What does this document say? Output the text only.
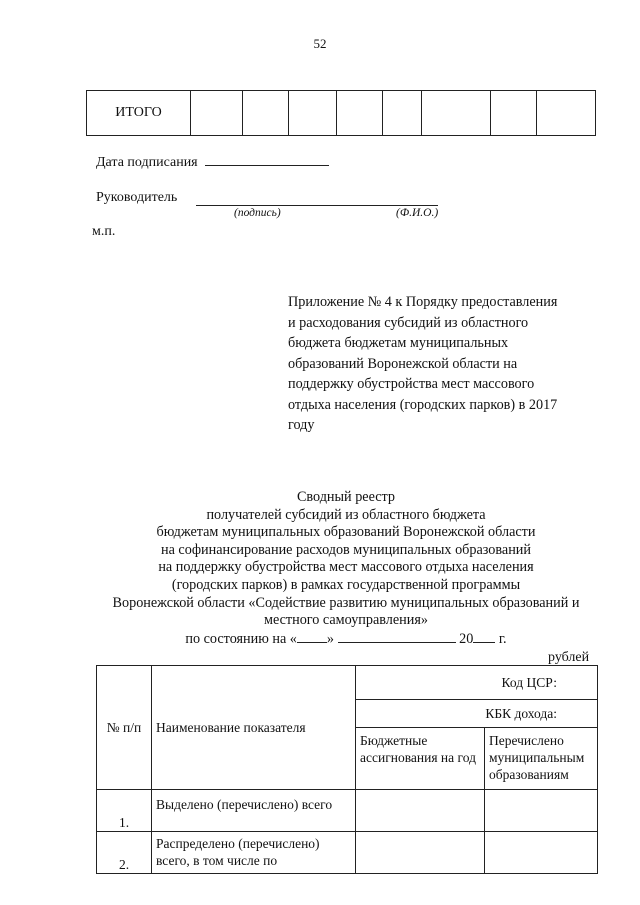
52
ИТОГО								
Дата подписания
Руководитель
(подпись)	(Ф.И.О.)
м.п.
Приложение № 4 к Порядку предоставления
и расходования субсидий из областного
бюджета бюджетам муниципальных
образований Воронежской области на
поддержку обустройства мест массового
отдыха населения (городских парков) в 2017
году
Сводный реестр
получателей субсидий из областного бюджета
бюджетам муниципальных образований Воронежской области
на софинансирование расходов муниципальных образований
на поддержку обустройства мест массового отдыха населения
(городских парков) в рамках государственной программы
Воронежской области «Содействие развитию муниципальных образований и
местного самоуправления»
по состоянию на « »	20 г.
рублей
№ п/п	Наименование показателя	Код ЦСР:	
		КБК дохода:	
		Бюджетные ассигнования на год	Перечислено муниципальным образованиям
1.	Выделено (перечислено) всего		
2.	Распределено (перечислено) всего, в том числе по		
